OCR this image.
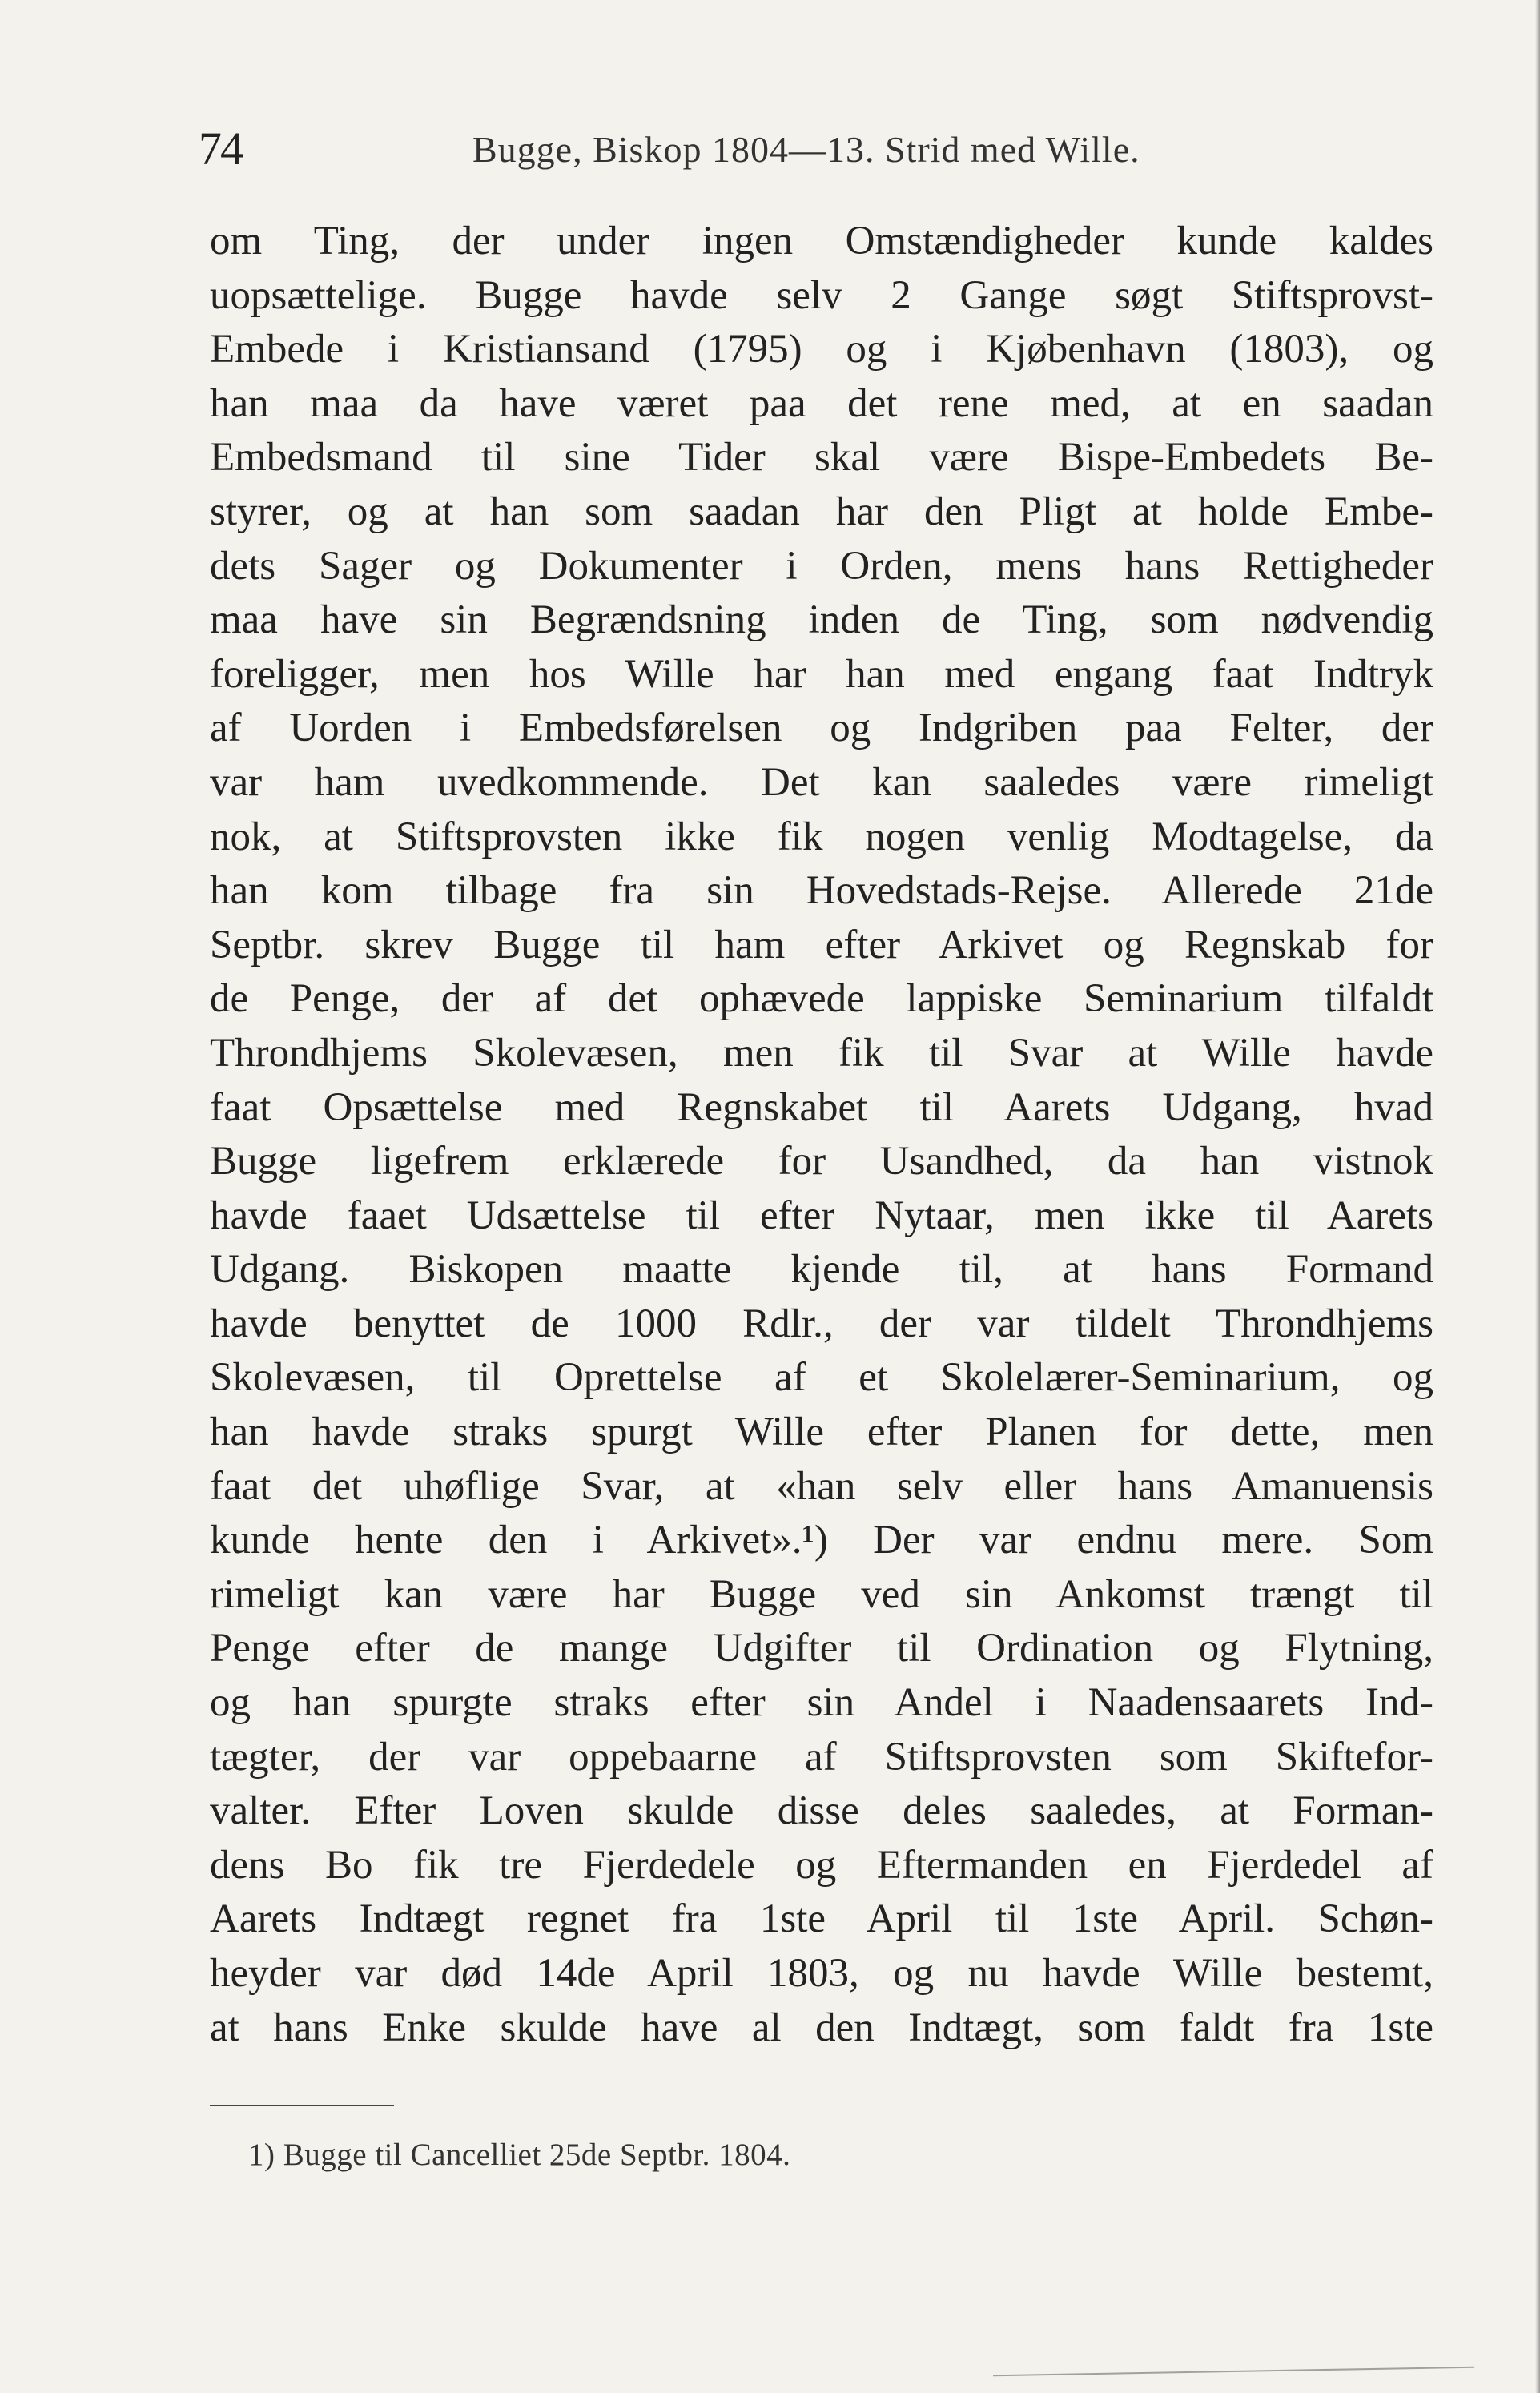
74	Bugge, Biskop 1804—13. Strid med Wille.
om Ting, der under ingen Omstændigheder kunde kaldes
uopsættelige. Bugge havde selv 2 Gange søgt Stiftsprovst-
Embede i Kristiansand (1795) og i Kjøbenhavn (1803), og
han maa da have været paa det rene med, at en saadan
Embedsmand til sine Tider skal være Bispe-Embedets Be-
styrer, og at han som saadan har den Pligt at holde Embe-
dets Sager og Dokumenter i Orden, mens hans Rettigheder
maa have sin Begrændsning inden de Ting, som nødvendig
foreligger, men hos Wille har han med engang faat Indtryk
af Uorden i Embedsførelsen og Indgriben paa Felter, der
var ham uvedkommende. Det kan saaledes være rimeligt
nok, at Stiftsprovsten ikke fik nogen venlig Modtagelse, da
han kom tilbage fra sin Hovedstads-Rejse. Allerede 21de
Septbr. skrev Bugge til ham efter Arkivet og Regnskab for
de Penge, der af det ophævede lappiske Seminarium tilfaldt
Throndhjems Skolevæsen, men fik til Svar at Wille havde
faat Opsættelse med Regnskabet til Aarets Udgang, hvad
Bugge ligefrem erklærede for Usandhed, da han vistnok
havde faaet Udsættelse til efter Nytaar, men ikke til Aarets
Udgang. Biskopen maatte kjende til, at hans Formand
havde benyttet de 1000 Rdlr., der var tildelt Throndhjems
Skolevæsen, til Oprettelse af et Skolelærer-Seminarium, og
han havde straks spurgt Wille efter Planen for dette, men
faat det uhøflige Svar, at «han selv eller hans Amanuensis
kunde hente den i Arkivet».¹) Der var endnu mere. Som
rimeligt kan være har Bugge ved sin Ankomst trængt til
Penge efter de mange Udgifter til Ordination og Flytning,
og han spurgte straks efter sin Andel i Naadensaarets Ind-
tægter, der var oppebaarne af Stiftsprovsten som Skiftefor-
valter. Efter Loven skulde disse deles saaledes, at Forman-
dens Bo fik tre Fjerdedele og Eftermanden en Fjerdedel af
Aarets Indtægt regnet fra 1ste April til 1ste April. Schøn-
heyder var død 14de April 1803, og nu havde Wille bestemt,
at hans Enke skulde have al den Indtægt, som faldt fra 1ste
1) Bugge til Cancelliet 25de Septbr. 1804.
